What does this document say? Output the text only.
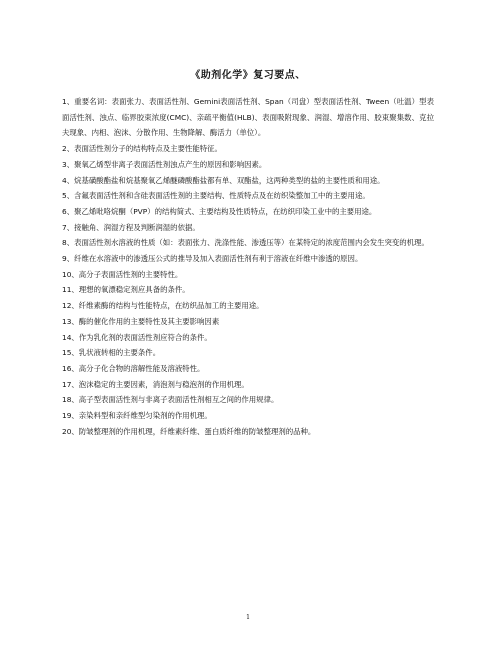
《助剂化学》复习要点、

1、重要名词：表面张力、表面活性剂、Gemini表面活性剂、Span（司盘）型表面活性剂、Tween（吐温）型表面活性剂、浊点、临界胶束浓度(CMC)、亲疏平衡值(HLB)、表面吸附现象、润湿、增溶作用、胶束聚集数、克拉夫现象、内相、泡沫、分散作用、生物降解、酶活力（单位）。

2、表面活性剂分子的结构特点及主要性能特征。

3、聚氧乙烯型非离子表面活性剂浊点产生的原因和影响因素。

4、烷基磺酸酯盐和烷基聚氧乙烯醚磷酸酯盐都有单、双酯盐，这两种类型的盐的主要性质和用途。

5、含氟表面活性剂和含硅表面活性剂的主要结构、性质特点及在纺织染整加工中的主要用途。

6、聚乙烯吡咯烷酮（PVP）的结构简式、主要结构及性质特点，在纺织印染工业中的主要用途。

7、接触角、润湿方程及判断润湿的依据。

8、表面活性剂水溶液的性质（如：表面张力、洗涤性能、渗透压等）在某特定的浓度范围内会发生突变的机理。

9、纤维在水溶液中的渗透压公式的推导及加入表面活性剂有利于溶液在纤维中渗透的原因。

10、高分子表面活性剂的主要特性。

11、理想的氧漂稳定剂应具备的条件。

12、纤维素酶的结构与性能特点，在纺织品加工的主要用途。

13、酶的催化作用的主要特性及其主要影响因素

14、作为乳化剂的表面活性剂应符合的条件。

15、乳状液转相的主要条件。

16、高分子化合物的溶解性能及溶液特性。

17、泡沫稳定的主要因素，消泡剂与稳泡剂的作用机理。

18、高子型表面活性剂与非离子表面活性剂相互之间的作用规律。

19、亲染料型和亲纤维型匀染剂的作用机理。

20、防皱整理剂的作用机理，纤维素纤维、蛋白质纤维的防皱整理剂的品种。

1
